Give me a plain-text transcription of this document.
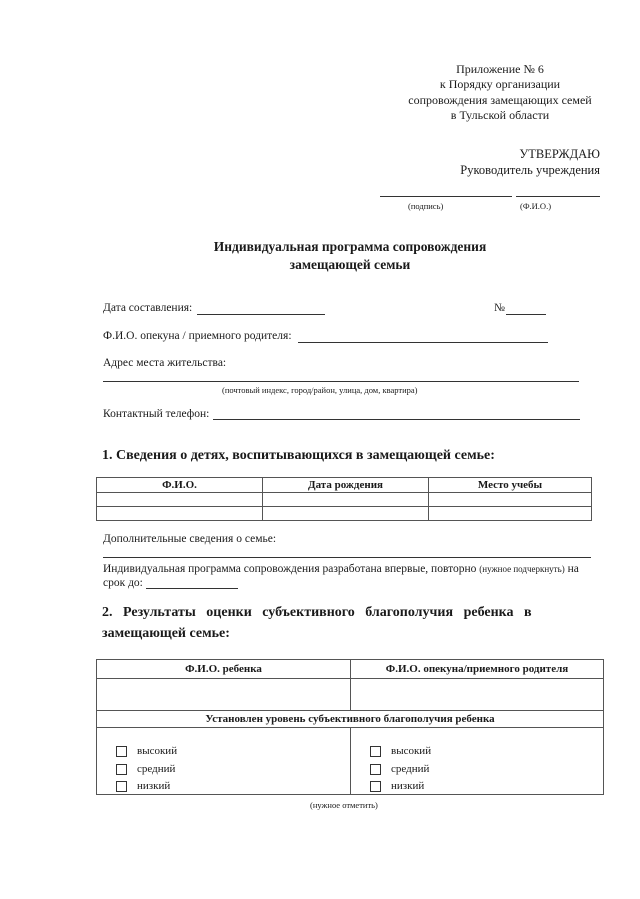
Приложение № 6
к Порядку организации
сопровождения замещающих семей
в Тульской области
УТВЕРЖДАЮ
Руководитель учреждения
(подпись)	(Ф.И.О.)
Индивидуальная программа сопровождения
замещающей семьи
Дата составления:	№
Ф.И.О. опекуна / приемного родителя:
Адрес места жительства:
(почтовый индекс, город/район, улица, дом, квартира)
Контактный телефон:
1. Сведения о детях, воспитывающихся в замещающей семье:
Ф.И.О.	Дата рождения	Место учебы

Дополнительные сведения о семье:
Индивидуальная программа сопровождения разработана впервые, повторно (нужное подчеркнуть) на
срок до:
2.   Результаты   оценки   субъективного   благополучия   ребенка   в
замещающей семье:
Ф.И.О. ребенка	Ф.И.О. опекуна/приемного родителя

Установлен уровень субъективного благополучия ребенка	

высокий
средний
низкий
высокий
средний
низкий
(нужное отметить)
